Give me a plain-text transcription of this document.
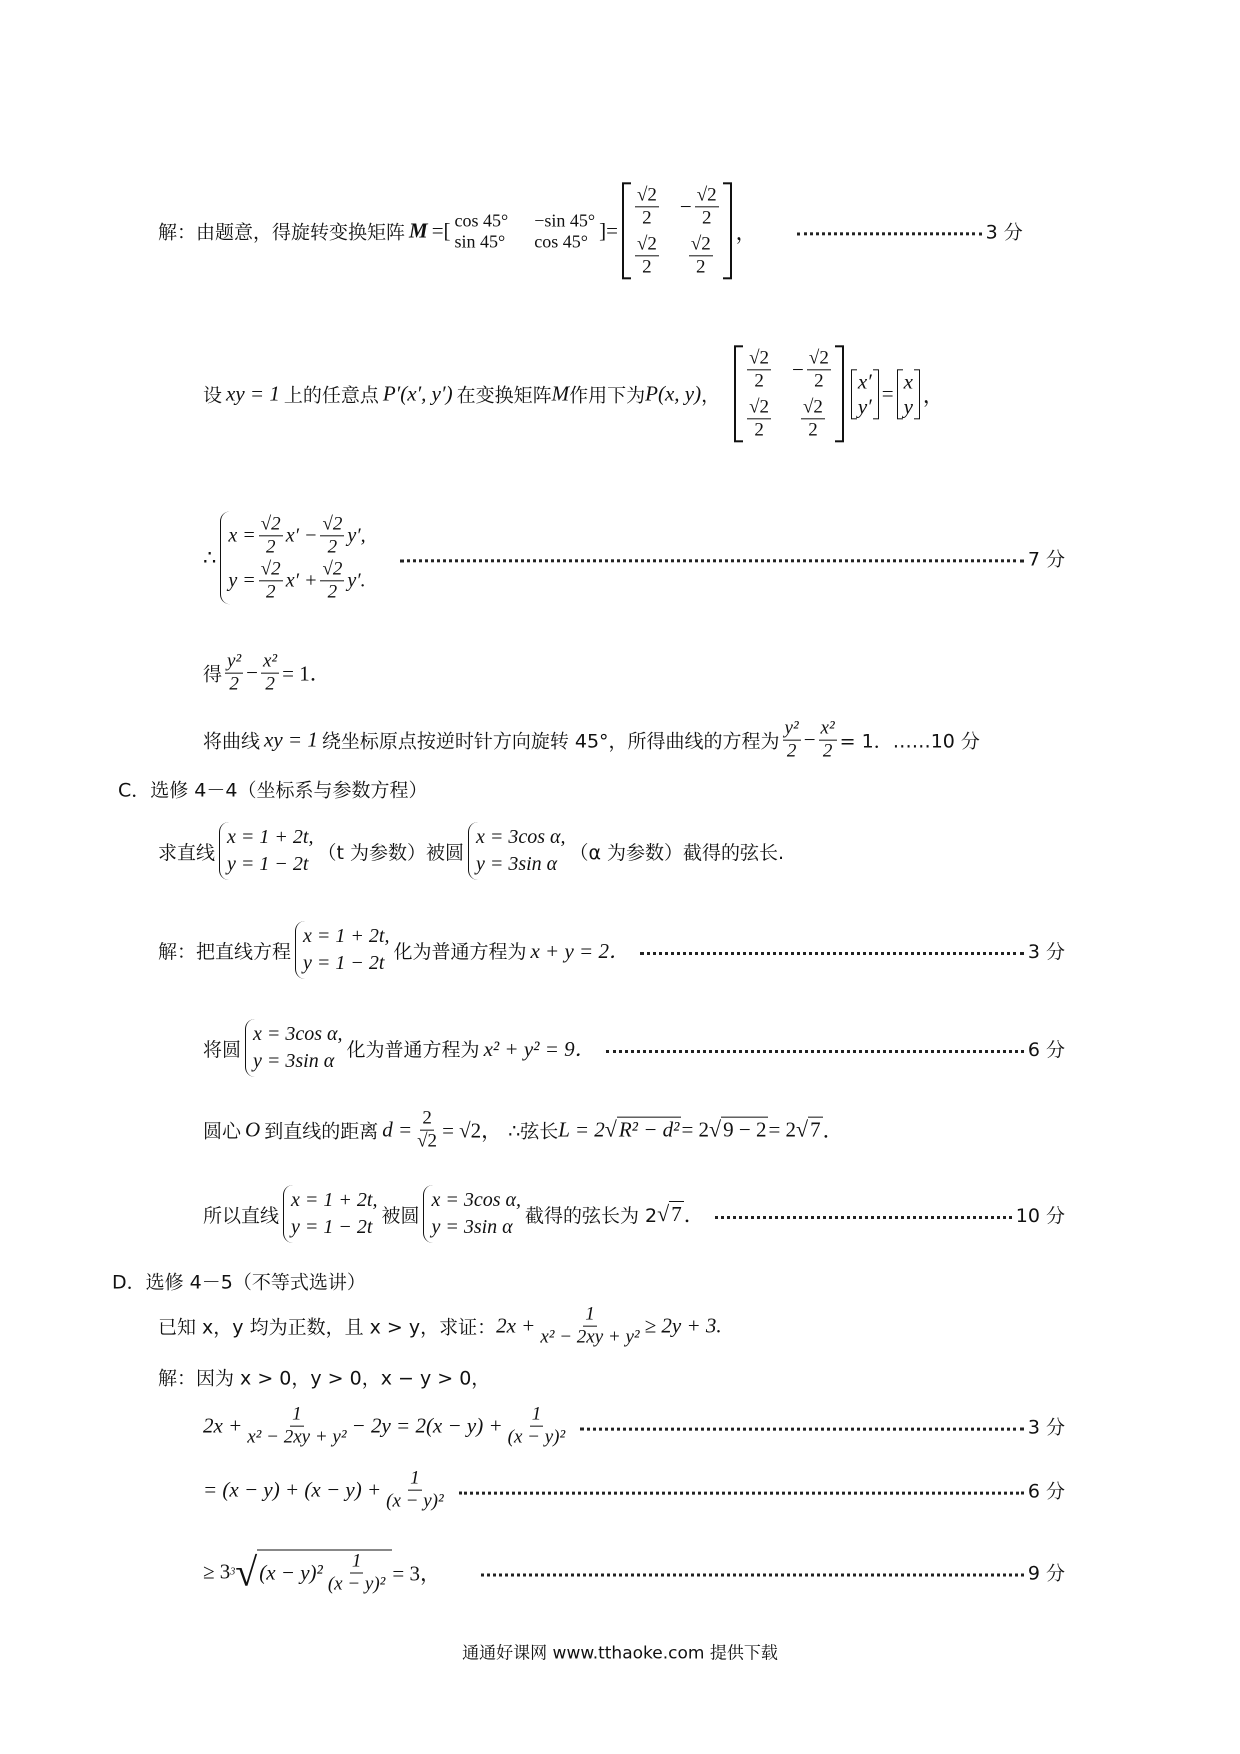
解：由题意，得旋转变换矩阵 M = [ cos 45° −sin 45°
sin 45° cos 45° ] =
$\frac{√2}{2} - \frac{√2}{2}$
$\frac{√2}{2} \frac{√2}{2}$
，	3 分
设 xy = 1 上的任意点 P′(x′, y′) 在变换矩阵 M 作用下为 P(x, y) ，
$\frac{√2}{2} - \frac{√2}{2}$
$\frac{√2}{2} \frac{√2}{2}$
x′
y′
=
x
y ，
∴
$x = \frac{√2}{2} x' - \frac{√2}{2} y'$,
$y = \frac{√2}{2} x' + \frac{√2}{2} y'$.
7 分
得 $\frac{\text{y²}}{2} - \frac{\text{x²}}{2} = 1$．
将曲线 xy = 1 绕坐标原点按逆时针方向旋转 45°，所得曲线的方程为 $\frac{\text{y²}}{2} - \frac{\text{x²}}{2} = 1$．……10 分
C．选修 4－4（坐标系与参数方程）
求直线
x = 1 + 2t,
y = 1 − 2t
（t 为参数）被圆
x = 3cos α,
y = 3sin α
（α 为参数）截得的弦长.
解：把直线方程
x = 1 + 2t,
y = 1 − 2t
化为普通方程为 x + y = 2．	3 分
将圆
x = 3cos α,
y = 3sin α
化为普通方程为 x² + y² = 9．	6 分
圆心 O 到直线的距离 $d = \frac{2}{√2} = √2$， ∴弦长 L = 2 √ R² − d² = 2 √ 9 − 2 = 2 √ 7 ．
所以直线
x = 1 + 2t,
y = 1 − 2t
被圆
x = 3cos α,
y = 3sin α
截得的弦长为 2 √ 7 ．	10 分
D．选修 4－5（不等式选讲）
已知 x，y 均为正数，且 x > y，求证： $2x + \frac{1}{\text{x² − 2xy + y²}} \ge 2y + 3$.
解：因为 x > 0，y > 0，x − y > 0，
$2x + \frac{1}{\text{x² − 2xy + y²}} - 2y = 2(x - y) + \frac{1}{\text{(x − y)²}}$	3 分
= $(x - y) + (x - y) + \frac{1}{\text{(x − y)²}}$	6 分
≥ 3 3 √ $(x - y)^2 \frac{1}{\text{(x − y)²}} = 3$，	9 分
通通好课网 www.tthaoke.com 提供下载
